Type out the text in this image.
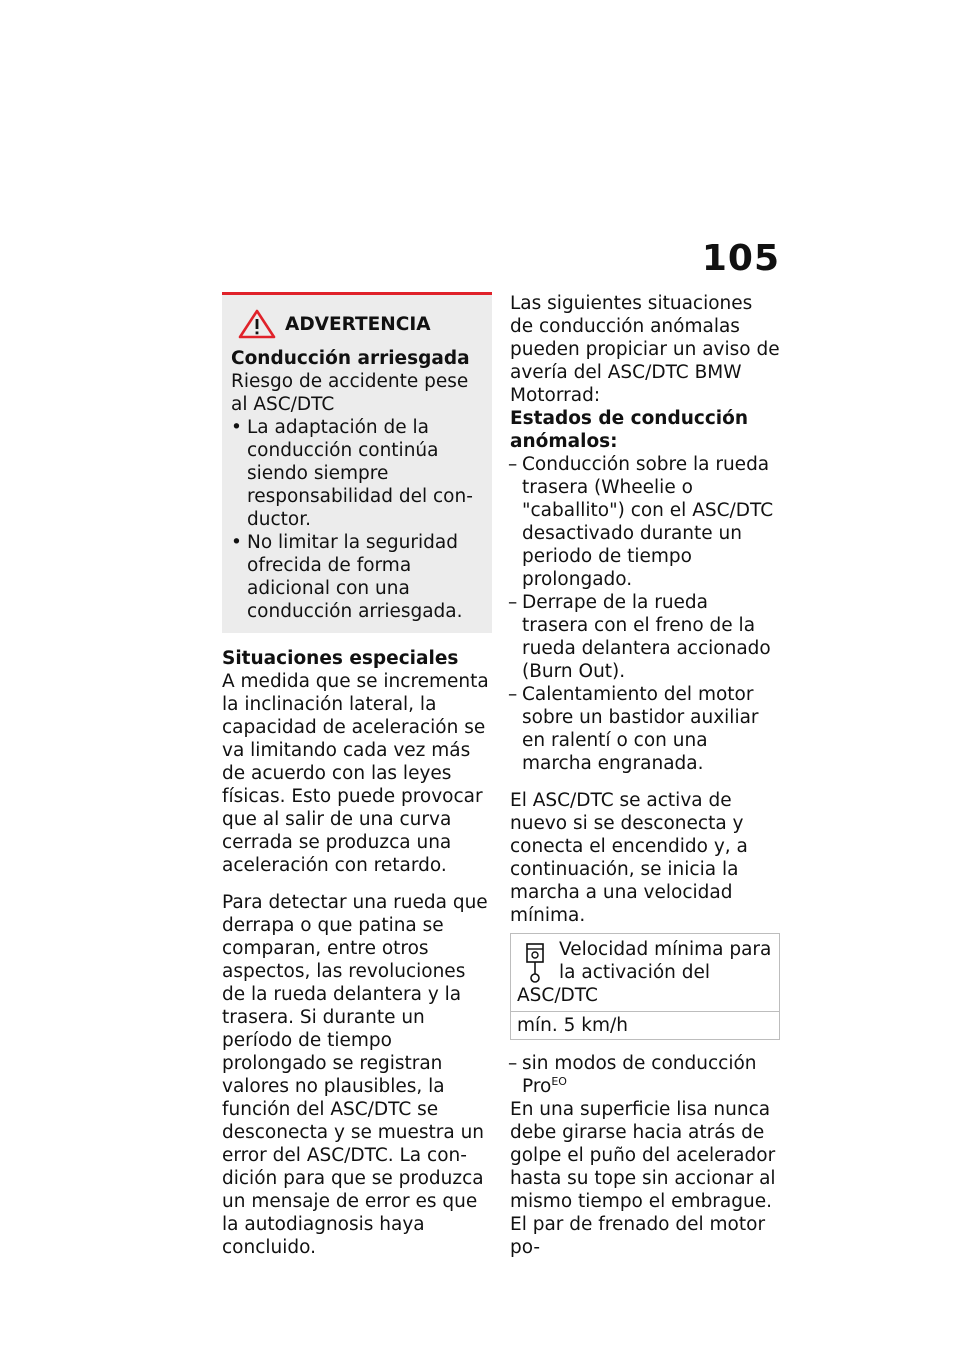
105
ADVERTENCIA
Conducción arriesgada
Riesgo de accidente pese al ASC/DTC

• La adaptación de la conducción continúa siendo siempre responsabilidad del conductor.

• No limitar la seguridad ofrecida de forma adicional con una conducción arriesgada.

Situaciones especiales

A medida que se incrementa la inclinación lateral, la capacidad de aceleración se va limitando cada vez más de acuerdo con las leyes físicas. Esto puede provocar que al salir de una curva cerrada se produzca una aceleración con retardo.

Para detectar una rueda que derrapa o que patina se comparan, entre otros aspectos, las revoluciones de la rueda delantera y la trasera. Si durante un período de tiempo prolongado se registran valores no plausibles, la función del ASC/DTC se desconecta y se muestra un error del ASC/DTC. La condición para que se produzca un mensaje de error es que la autodiagnosis haya concluido.

Las siguientes situaciones de conducción anómalas pueden propiciar un aviso de avería del ASC/DTC BMW Motorrad:

Estados de conducción anómalos:

– Conducción sobre la rueda trasera (Wheelie o "caballito") con el ASC/DTC desactivado durante un periodo de tiempo prolongado.

– Derrape de la rueda trasera con el freno de la rueda delantera accionado (Burn Out).

– Calentamiento del motor sobre un bastidor auxiliar en ralentí o con una marcha engranada.

El ASC/DTC se activa de nuevo si se desconecta y conecta el encendido y, a continuación, se inicia la marcha a una velocidad mínima.

Velocidad mínima para la activación del ASC/DTC
mín. 5 km/h

– sin modos de conducción Pro$^{EO}$

En una superficie lisa nunca debe girarse hacia atrás de golpe el puño del acelerador hasta su tope sin accionar al mismo tiempo el embrague. El par de frenado del motor po-
